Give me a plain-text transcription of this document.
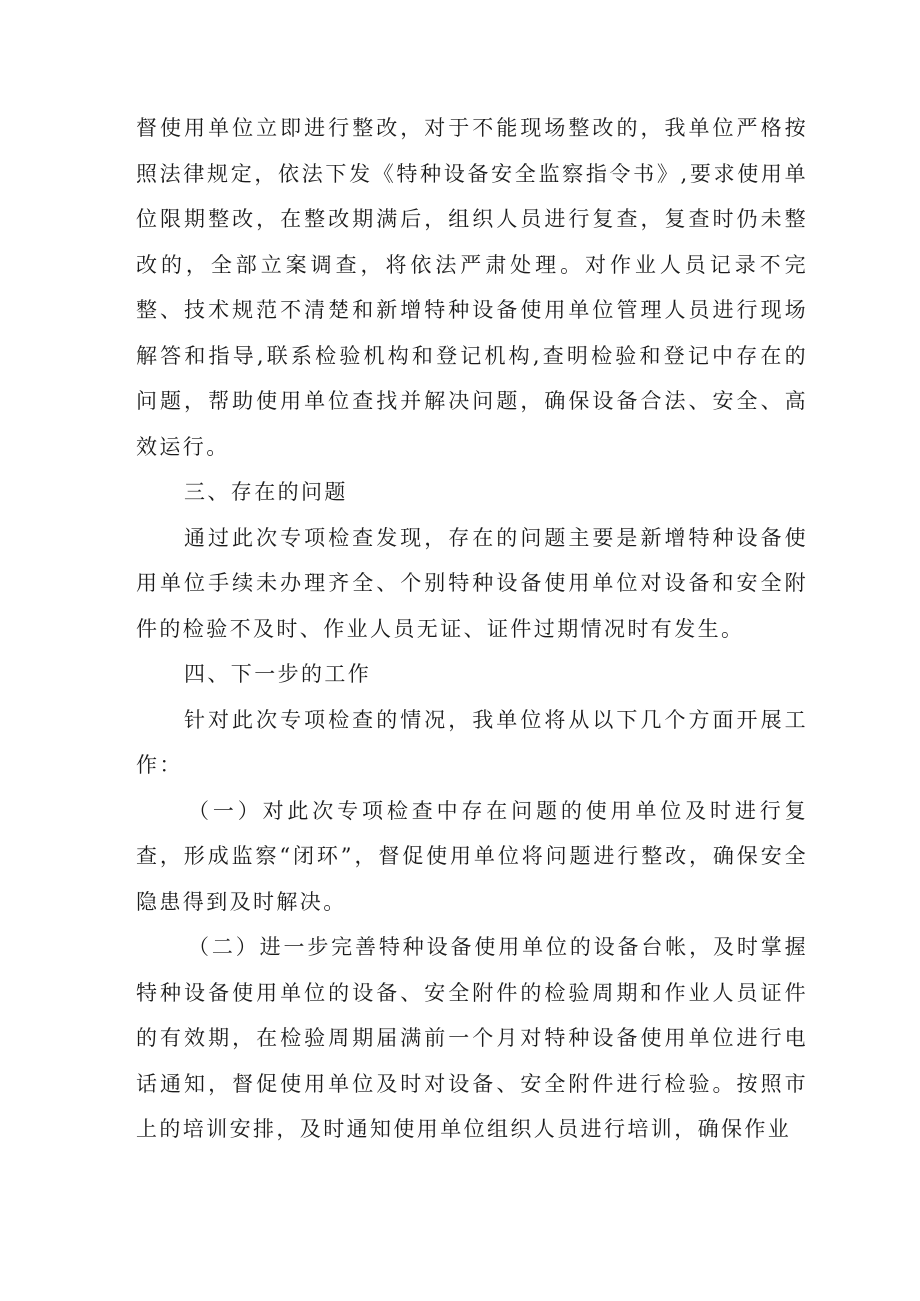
督使用单位立即进行整改，对于不能现场整改的，我单位严格按照法律规定，依法下发《特种设备安全监察指令书》,要求使用单位限期整改，在整改期满后，组织人员进行复查，复查时仍未整改的，全部立案调查，将依法严肃处理。对作业人员记录不完整、技术规范不清楚和新增特种设备使用单位管理人员进行现场解答和指导,联系检验机构和登记机构,查明检验和登记中存在的问题，帮助使用单位查找并解决问题，确保设备合法、安全、高效运行。

三、存在的问题

通过此次专项检查发现，存在的问题主要是新增特种设备使用单位手续未办理齐全、个别特种设备使用单位对设备和安全附件的检验不及时、作业人员无证、证件过期情况时有发生。

四、下一步的工作

针对此次专项检查的情况，我单位将从以下几个方面开展工作：

（一）对此次专项检查中存在问题的使用单位及时进行复查，形成监察“闭环”，督促使用单位将问题进行整改，确保安全隐患得到及时解决。

（二）进一步完善特种设备使用单位的设备台帐，及时掌握特种设备使用单位的设备、安全附件的检验周期和作业人员证件的有效期，在检验周期届满前一个月对特种设备使用单位进行电话通知，督促使用单位及时对设备、安全附件进行检验。按照市上的培训安排，及时通知使用单位组织人员进行培训，确保作业
